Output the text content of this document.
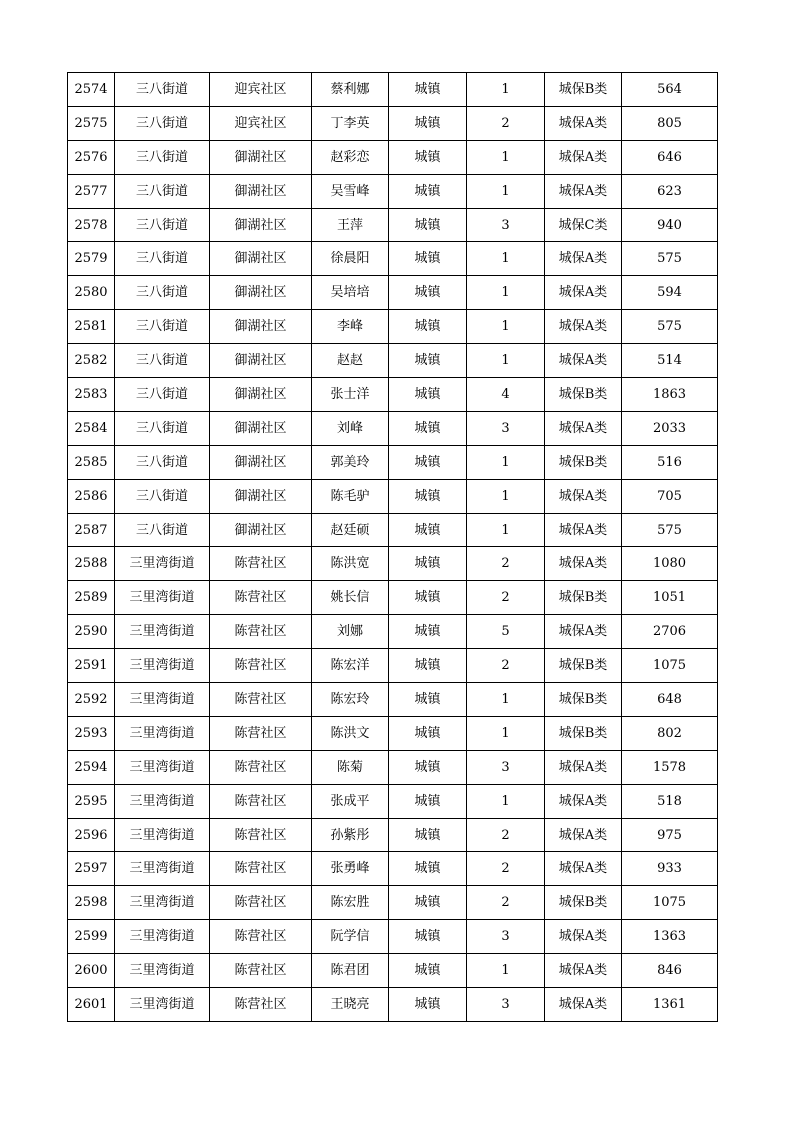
2574	三八街道	迎宾社区	蔡利娜	城镇	1	城保B类	564
2575	三八街道	迎宾社区	丁李英	城镇	2	城保A类	805
2576	三八街道	御湖社区	赵彩恋	城镇	1	城保A类	646
2577	三八街道	御湖社区	吴雪峰	城镇	1	城保A类	623
2578	三八街道	御湖社区	王萍	城镇	3	城保C类	940
2579	三八街道	御湖社区	徐晨阳	城镇	1	城保A类	575
2580	三八街道	御湖社区	吴培培	城镇	1	城保A类	594
2581	三八街道	御湖社区	李峰	城镇	1	城保A类	575
2582	三八街道	御湖社区	赵赵	城镇	1	城保A类	514
2583	三八街道	御湖社区	张士洋	城镇	4	城保B类	1863
2584	三八街道	御湖社区	刘峰	城镇	3	城保A类	2033
2585	三八街道	御湖社区	郭美玲	城镇	1	城保B类	516
2586	三八街道	御湖社区	陈毛驴	城镇	1	城保A类	705
2587	三八街道	御湖社区	赵廷硕	城镇	1	城保A类	575
2588	三里湾街道	陈营社区	陈洪宽	城镇	2	城保A类	1080
2589	三里湾街道	陈营社区	姚长信	城镇	2	城保B类	1051
2590	三里湾街道	陈营社区	刘娜	城镇	5	城保A类	2706
2591	三里湾街道	陈营社区	陈宏洋	城镇	2	城保B类	1075
2592	三里湾街道	陈营社区	陈宏玲	城镇	1	城保B类	648
2593	三里湾街道	陈营社区	陈洪文	城镇	1	城保B类	802
2594	三里湾街道	陈营社区	陈菊	城镇	3	城保A类	1578
2595	三里湾街道	陈营社区	张成平	城镇	1	城保A类	518
2596	三里湾街道	陈营社区	孙紫彤	城镇	2	城保A类	975
2597	三里湾街道	陈营社区	张勇峰	城镇	2	城保A类	933
2598	三里湾街道	陈营社区	陈宏胜	城镇	2	城保B类	1075
2599	三里湾街道	陈营社区	阮学信	城镇	3	城保A类	1363
2600	三里湾街道	陈营社区	陈君团	城镇	1	城保A类	846
2601	三里湾街道	陈营社区	王晓亮	城镇	3	城保A类	1361
